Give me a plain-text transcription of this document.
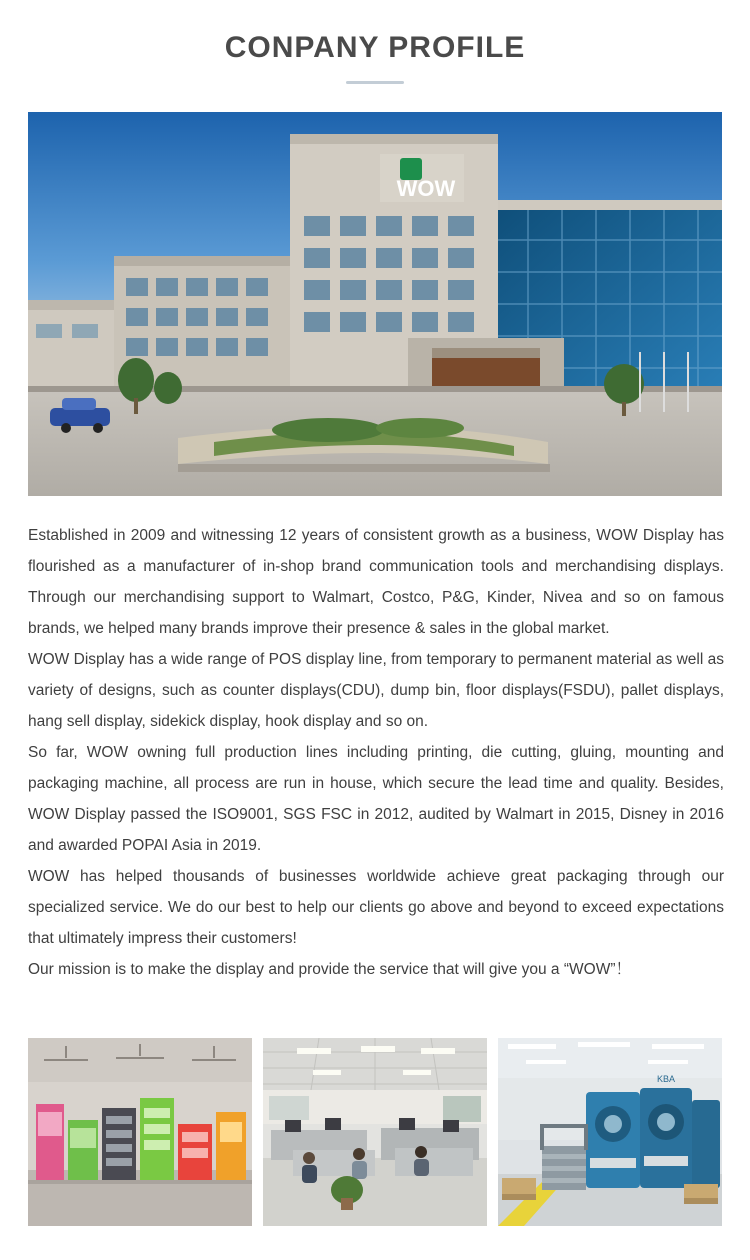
CONPANY PROFILE
WOW

Established in 2009 and witnessing 12 years of consistent growth as a business, WOW Display has flourished as a manufacturer of in-shop brand communication tools and merchandising displays. Through our merchandising support to Walmart, Costco, P&G, Kinder, Nivea and so on famous brands, we helped many brands improve their presence & sales in the global market.

WOW Display has a wide range of POS display line, from temporary to permanent material as well as variety of designs, such as counter displays(CDU), dump bin, floor displays(FSDU), pallet displays, hang sell display, sidekick display, hook display and so on.

So far, WOW owning full production lines including printing, die cutting, gluing, mounting and packaging machine, all process are run in house, which secure the lead time and quality. Besides, WOW Display passed the ISO9001, SGS FSC in 2012, audited by Walmart in 2015, Disney in 2016 and awarded POPAI Asia in 2019.

WOW has helped thousands of businesses worldwide achieve great packaging through our specialized service. We do our best to help our clients go above and beyond to exceed expectations that ultimately impress their customers!

Our mission is to make the display and provide the service that will give you a “WOW”！

KBA
